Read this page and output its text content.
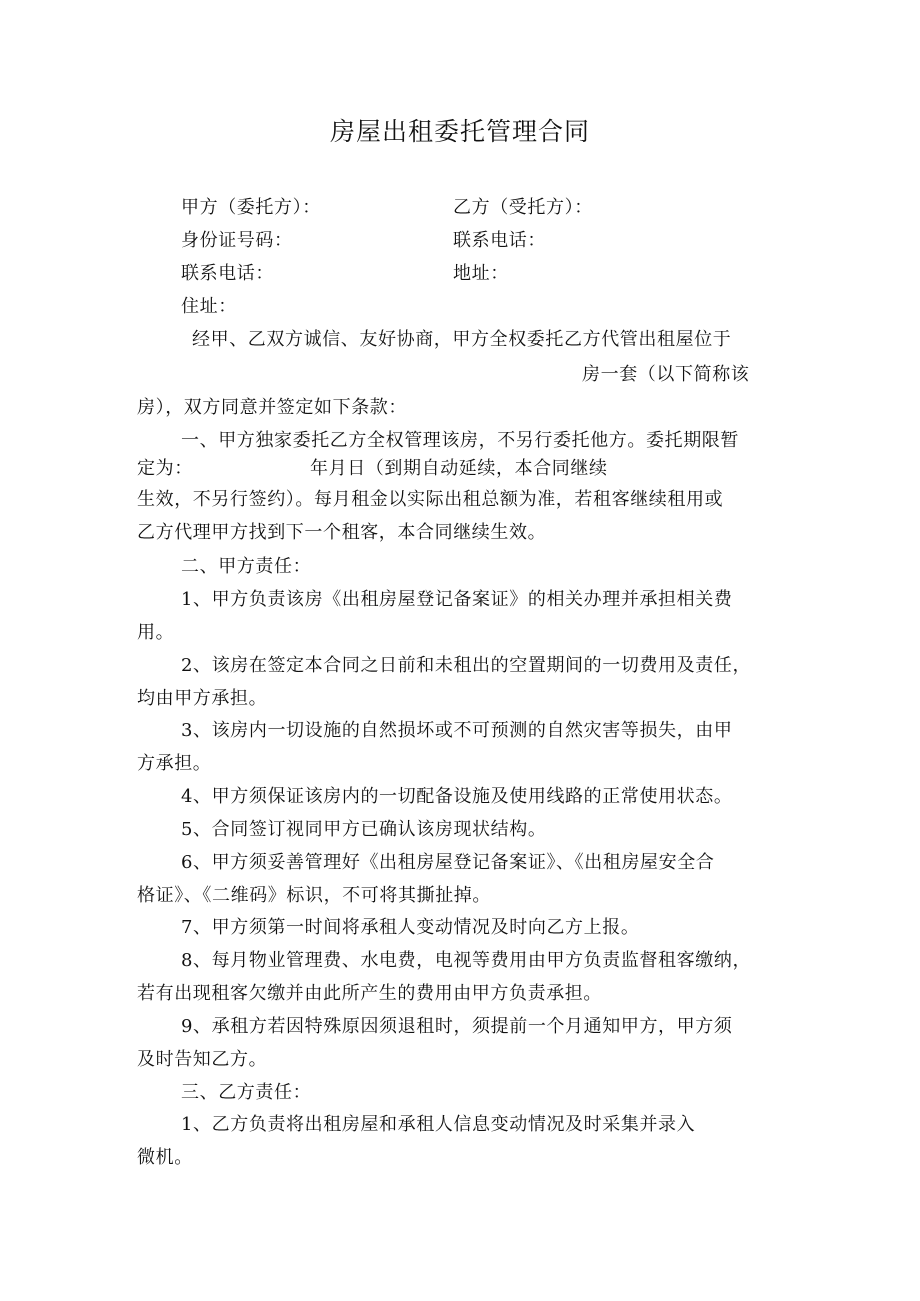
房屋出租委托管理合同
甲方（委托方）：	乙方（受托方）：
身份证号码：	联系电话：
联系电话：	地址：
住址：
经甲、乙双方诚信、友好协商，甲方全权委托乙方代管出租屋位于
房一套（以下简称该
房），双方同意并签定如下条款：
一、甲方独家委托乙方全权管理该房，不另行委托他方。委托期限暂
定为：	年月日（到期自动延续，本合同继续
生效，不另行签约）。每月租金以实际出租总额为准，若租客继续租用或
乙方代理甲方找到下一个租客，本合同继续生效。
二、甲方责任：
1、甲方负责该房《出租房屋登记备案证》的相关办理并承担相关费
用。
2、该房在签定本合同之日前和未租出的空置期间的一切费用及责任，
均由甲方承担。
3、该房内一切设施的自然损坏或不可预测的自然灾害等损失，由甲
方承担。
4、甲方须保证该房内的一切配备设施及使用线路的正常使用状态。
5、合同签订视同甲方已确认该房现状结构。
6、甲方须妥善管理好《出租房屋登记备案证》、《出租房屋安全合
格证》、《二维码》标识，不可将其撕扯掉。
7、甲方须第一时间将承租人变动情况及时向乙方上报。
8、每月物业管理费、水电费，电视等费用由甲方负责监督租客缴纳，
若有出现租客欠缴并由此所产生的费用由甲方负责承担。
9、承租方若因特殊原因须退租时，须提前一个月通知甲方，甲方须
及时告知乙方。
三、乙方责任：
1、乙方负责将出租房屋和承租人信息变动情况及时采集并录入
微机。
